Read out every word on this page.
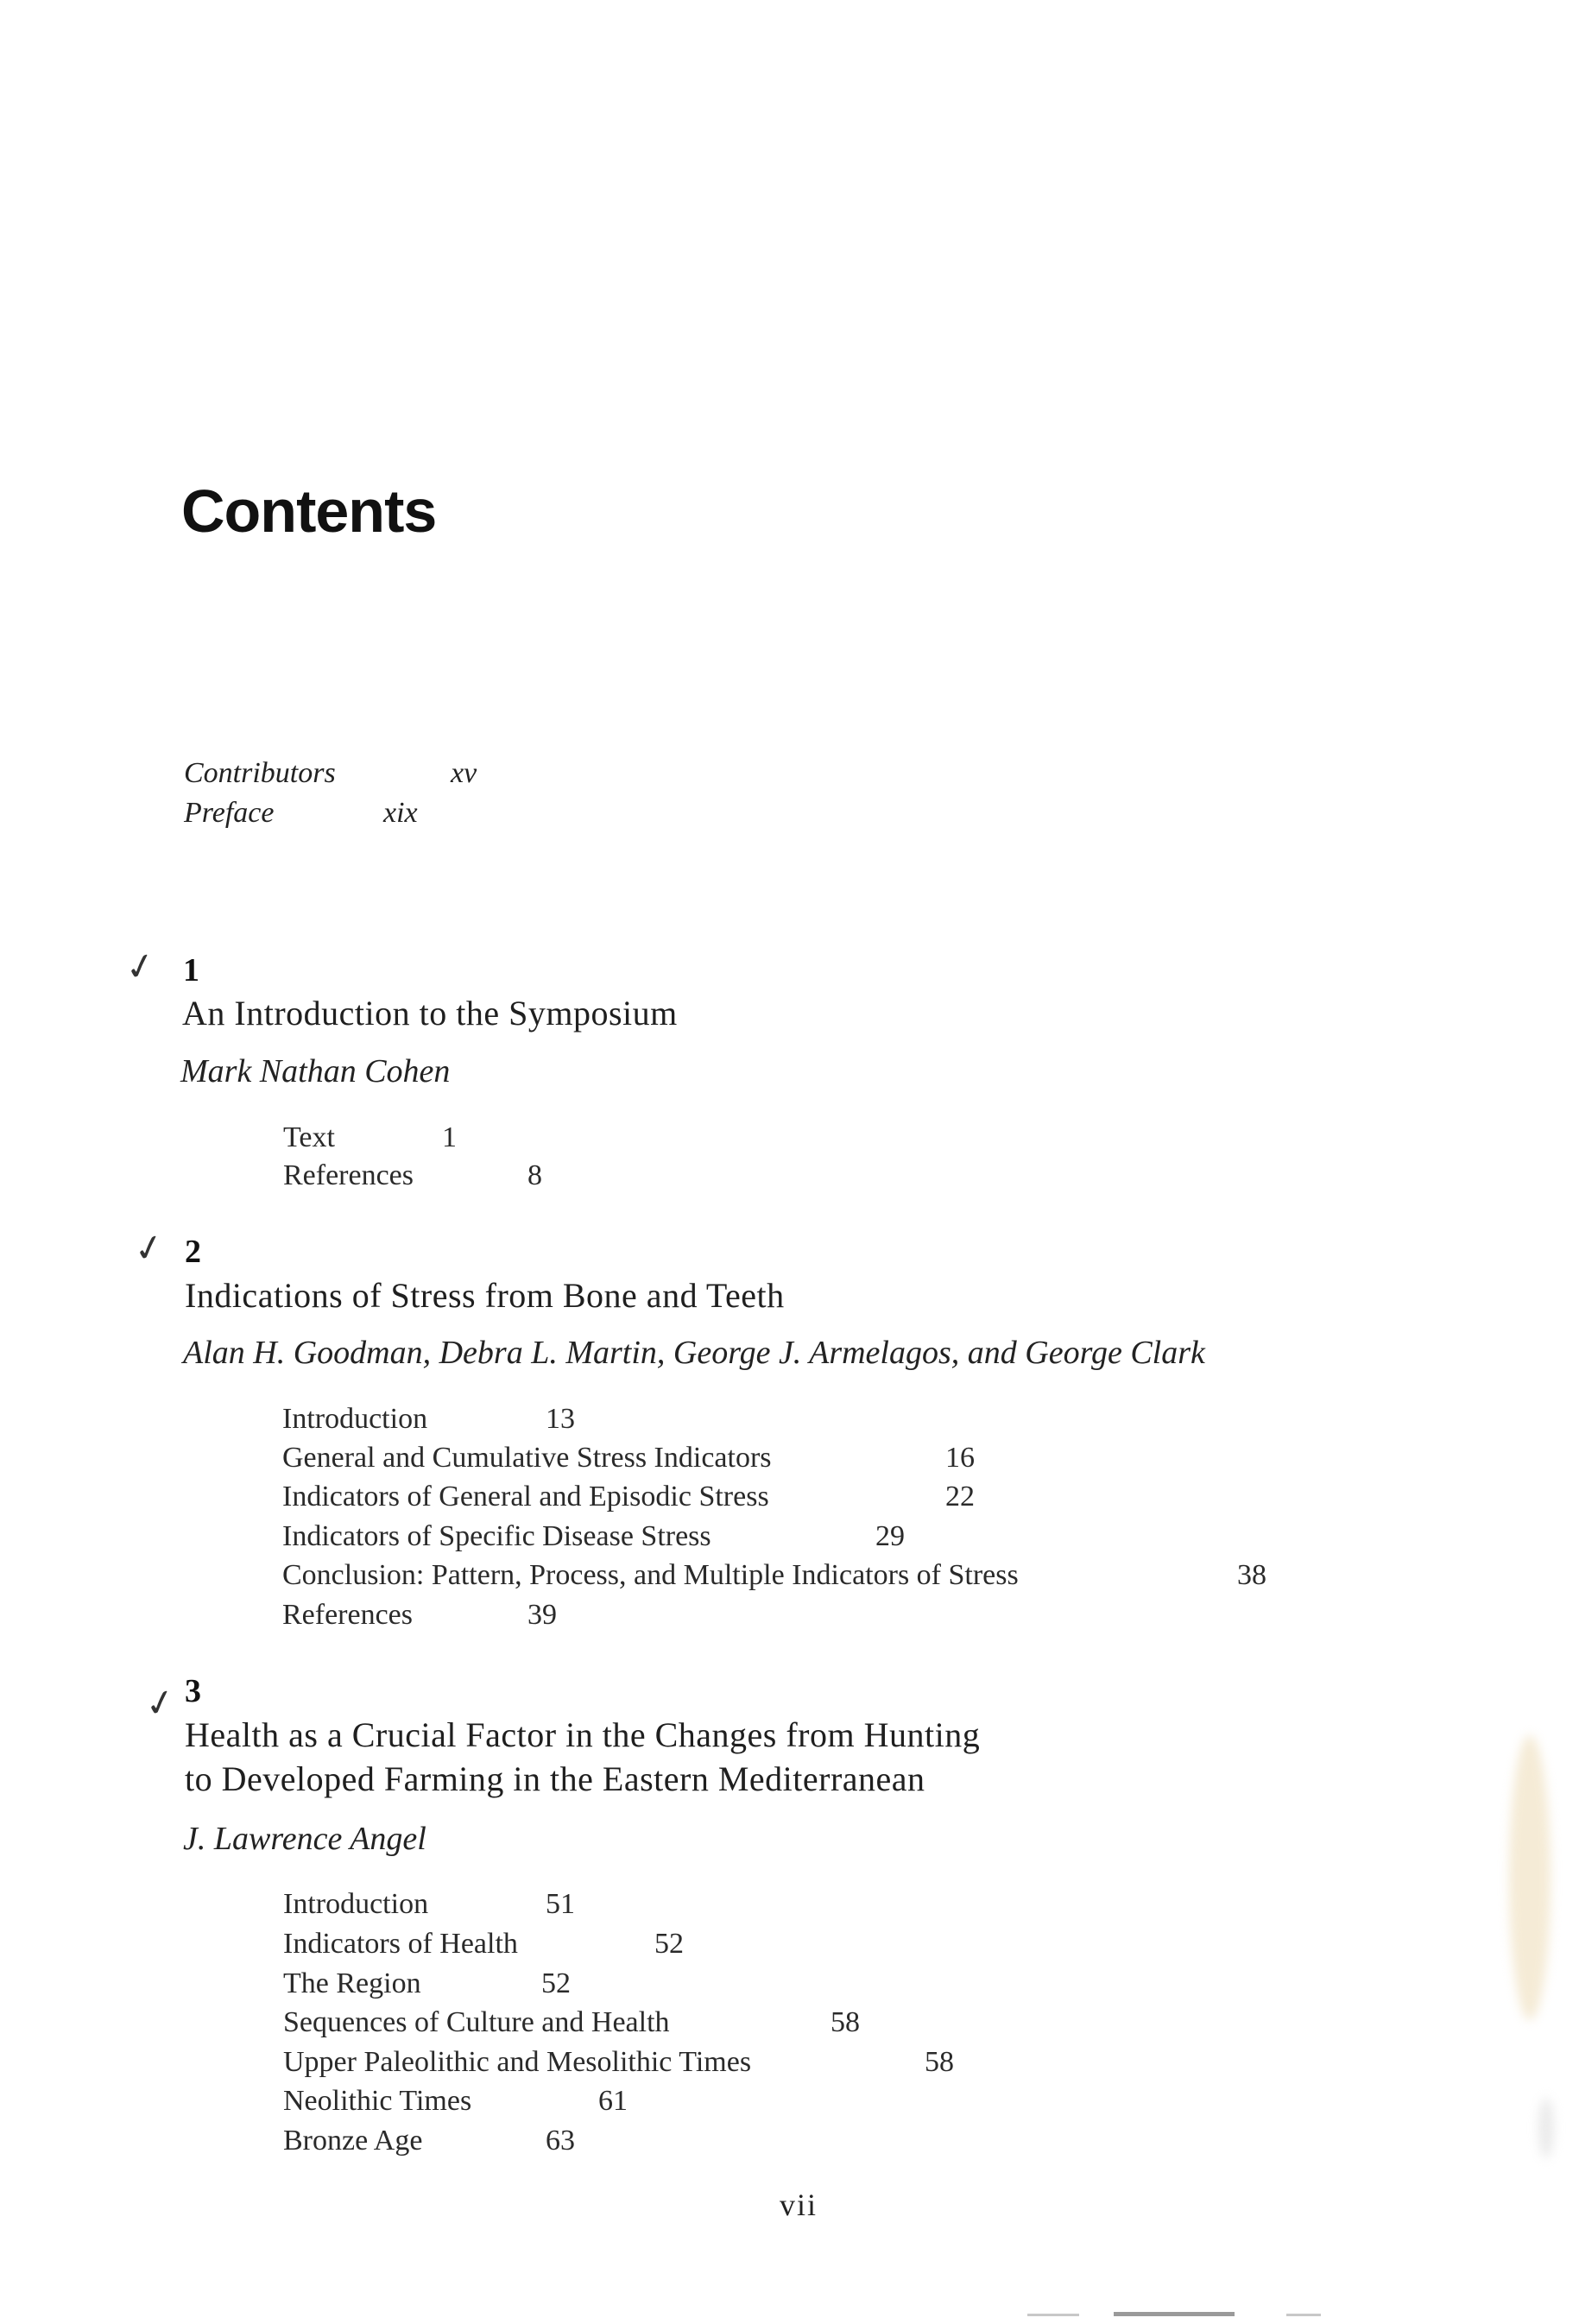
Contents
Contributors	xv
Preface	xix
✓ 1
An Introduction to the Symposium
Mark Nathan Cohen
Text	1
References	8
✓ 2
Indications of Stress from Bone and Teeth
Alan H. Goodman, Debra L. Martin, George J. Armelagos, and George Clark
Introduction	13
General and Cumulative Stress Indicators	16
Indicators of General and Episodic Stress	22
Indicators of Specific Disease Stress	29
Conclusion: Pattern, Process, and Multiple Indicators of Stress	38
References	39
✓ 3
Health as a Crucial Factor in the Changes from Hunting
to Developed Farming in the Eastern Mediterranean
J. Lawrence Angel
Introduction	51
Indicators of Health	52
The Region	52
Sequences of Culture and Health	58
Upper Paleolithic and Mesolithic Times	58
Neolithic Times	61
Bronze Age	63
vii
